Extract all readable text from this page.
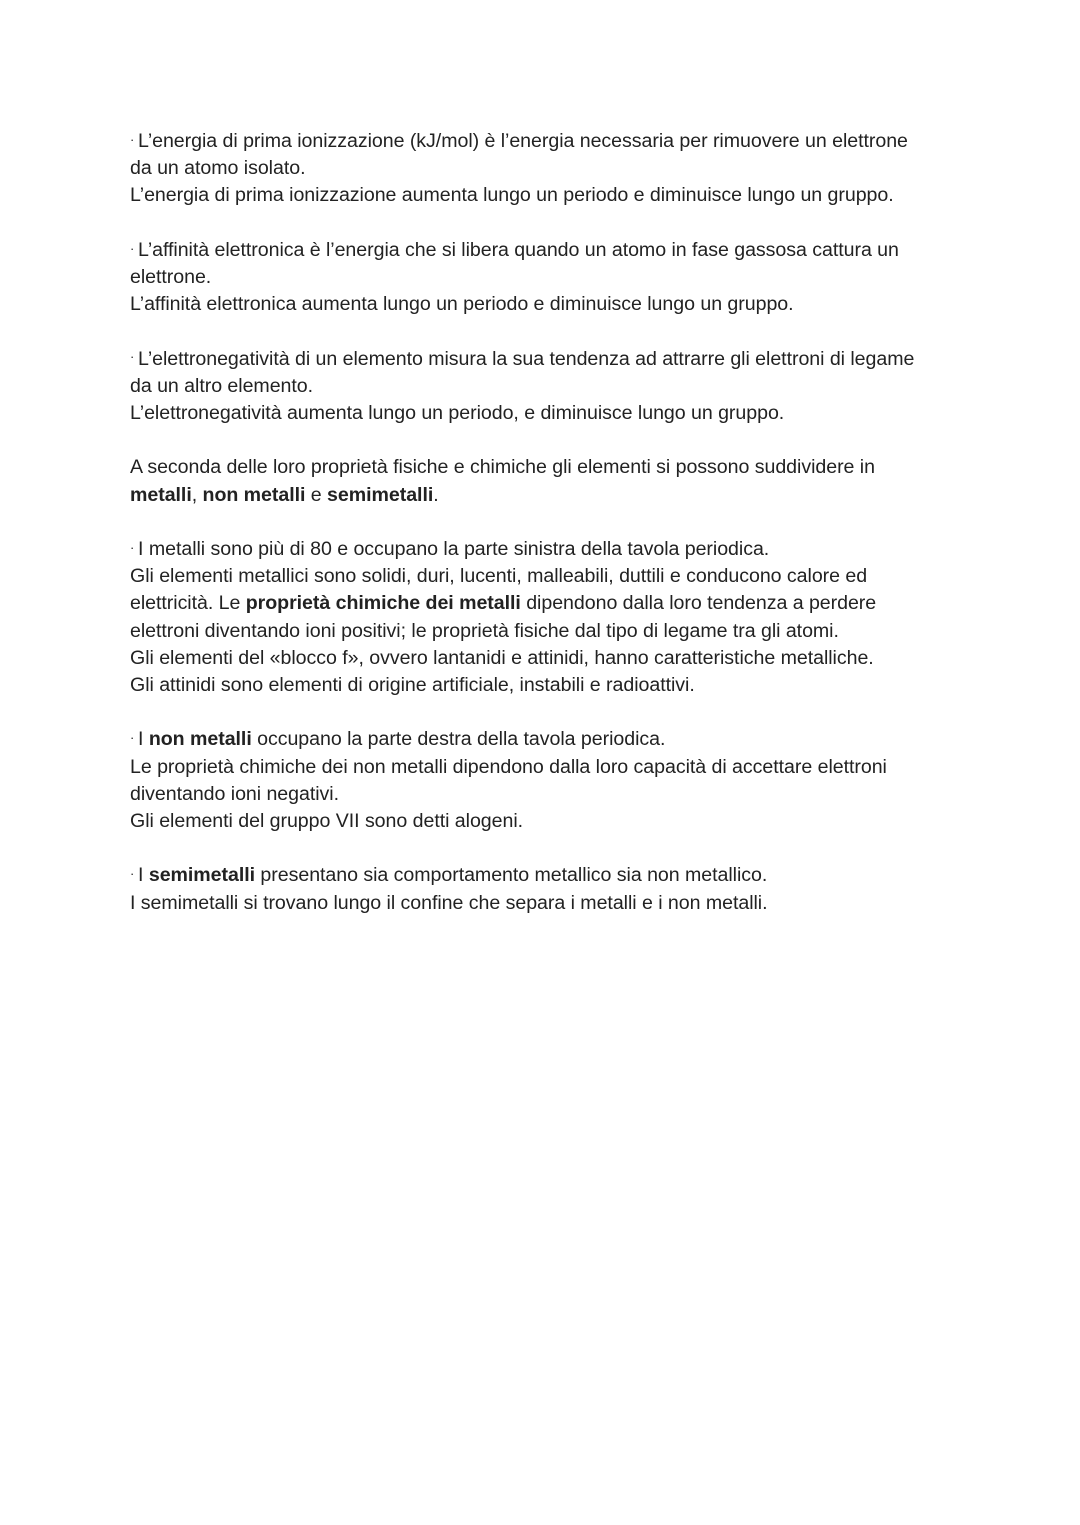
· L’energia di prima ionizzazione (kJ/mol) è l’energia necessaria per rimuovere un elettrone
da un atomo isolato.
L’energia di prima ionizzazione aumenta lungo un periodo e diminuisce lungo un gruppo.
· L’affinità elettronica è l’energia che si libera quando un atomo in fase gassosa cattura un
elettrone.
L’affinità elettronica aumenta lungo un periodo e diminuisce lungo un gruppo.
· L’elettronegatività di un elemento misura la sua tendenza ad attrarre gli elettroni di legame
da un altro elemento.
L’elettronegatività aumenta lungo un periodo, e diminuisce lungo un gruppo.
A seconda delle loro proprietà fisiche e chimiche gli elementi si possono suddividere in
metalli, non metalli e semimetalli.
· I metalli sono più di 80 e occupano la parte sinistra della tavola periodica.
Gli elementi metallici sono solidi, duri, lucenti, malleabili, duttili e conducono calore ed
elettricità. Le proprietà chimiche dei metalli dipendono dalla loro tendenza a perdere
elettroni diventando ioni positivi; le proprietà fisiche dal tipo di legame tra gli atomi.
Gli elementi del «blocco f», ovvero lantanidi e attinidi, hanno caratteristiche metalliche.
Gli attinidi sono elementi di origine artificiale, instabili e radioattivi.
· I non metalli occupano la parte destra della tavola periodica.
Le proprietà chimiche dei non metalli dipendono dalla loro capacità di accettare elettroni
diventando ioni negativi.
Gli elementi del gruppo VII sono detti alogeni.
· I semimetalli presentano sia comportamento metallico sia non metallico.
I semimetalli si trovano lungo il confine che separa i metalli e i non metalli.
